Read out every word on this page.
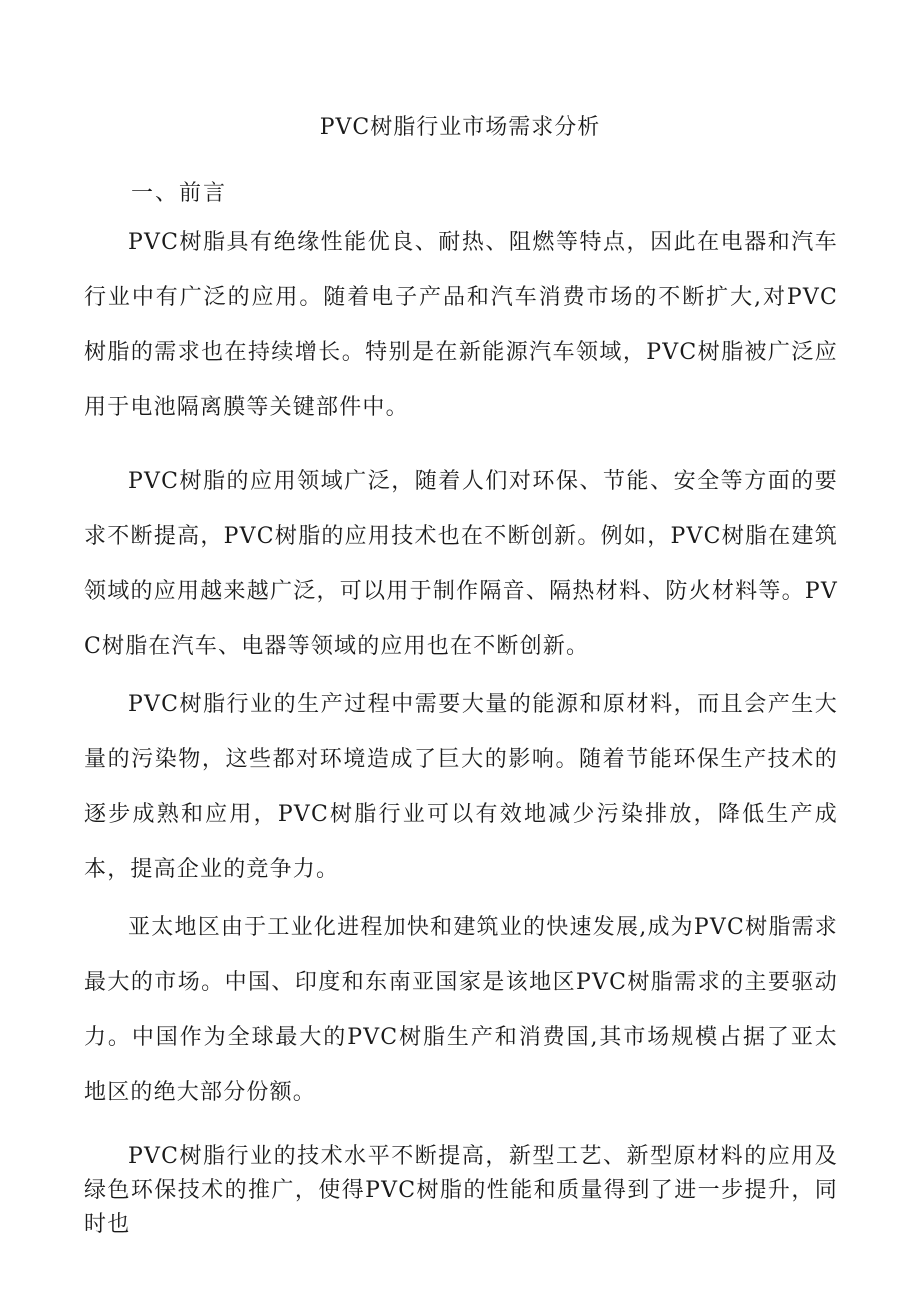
PVC树脂行业市场需求分析
一、前言

PVC树脂具有绝缘性能优良、耐热、阻燃等特点，因此在电器和汽车行业中有广泛的应用。随着电子产品和汽车消费市场的不断扩大,对PVC树脂的需求也在持续增长。特别是在新能源汽车领域，PVC树脂被广泛应用于电池隔离膜等关键部件中。

PVC树脂的应用领域广泛，随着人们对环保、节能、安全等方面的要求不断提高，PVC树脂的应用技术也在不断创新。例如，PVC树脂在建筑领域的应用越来越广泛，可以用于制作隔音、隔热材料、防火材料等。PVC树脂在汽车、电器等领域的应用也在不断创新。

PVC树脂行业的生产过程中需要大量的能源和原材料，而且会产生大量的污染物，这些都对环境造成了巨大的影响。随着节能环保生产技术的逐步成熟和应用，PVC树脂行业可以有效地减少污染排放，降低生产成本，提高企业的竞争力。

亚太地区由于工业化进程加快和建筑业的快速发展,成为PVC树脂需求最大的市场。中国、印度和东南亚国家是该地区PVC树脂需求的主要驱动力。中国作为全球最大的PVC树脂生产和消费国,其市场规模占据了亚太地区的绝大部分份额。

PVC树脂行业的技术水平不断提高，新型工艺、新型原材料的应用及绿色环保技术的推广，使得PVC树脂的性能和质量得到了进一步提升，同时也
